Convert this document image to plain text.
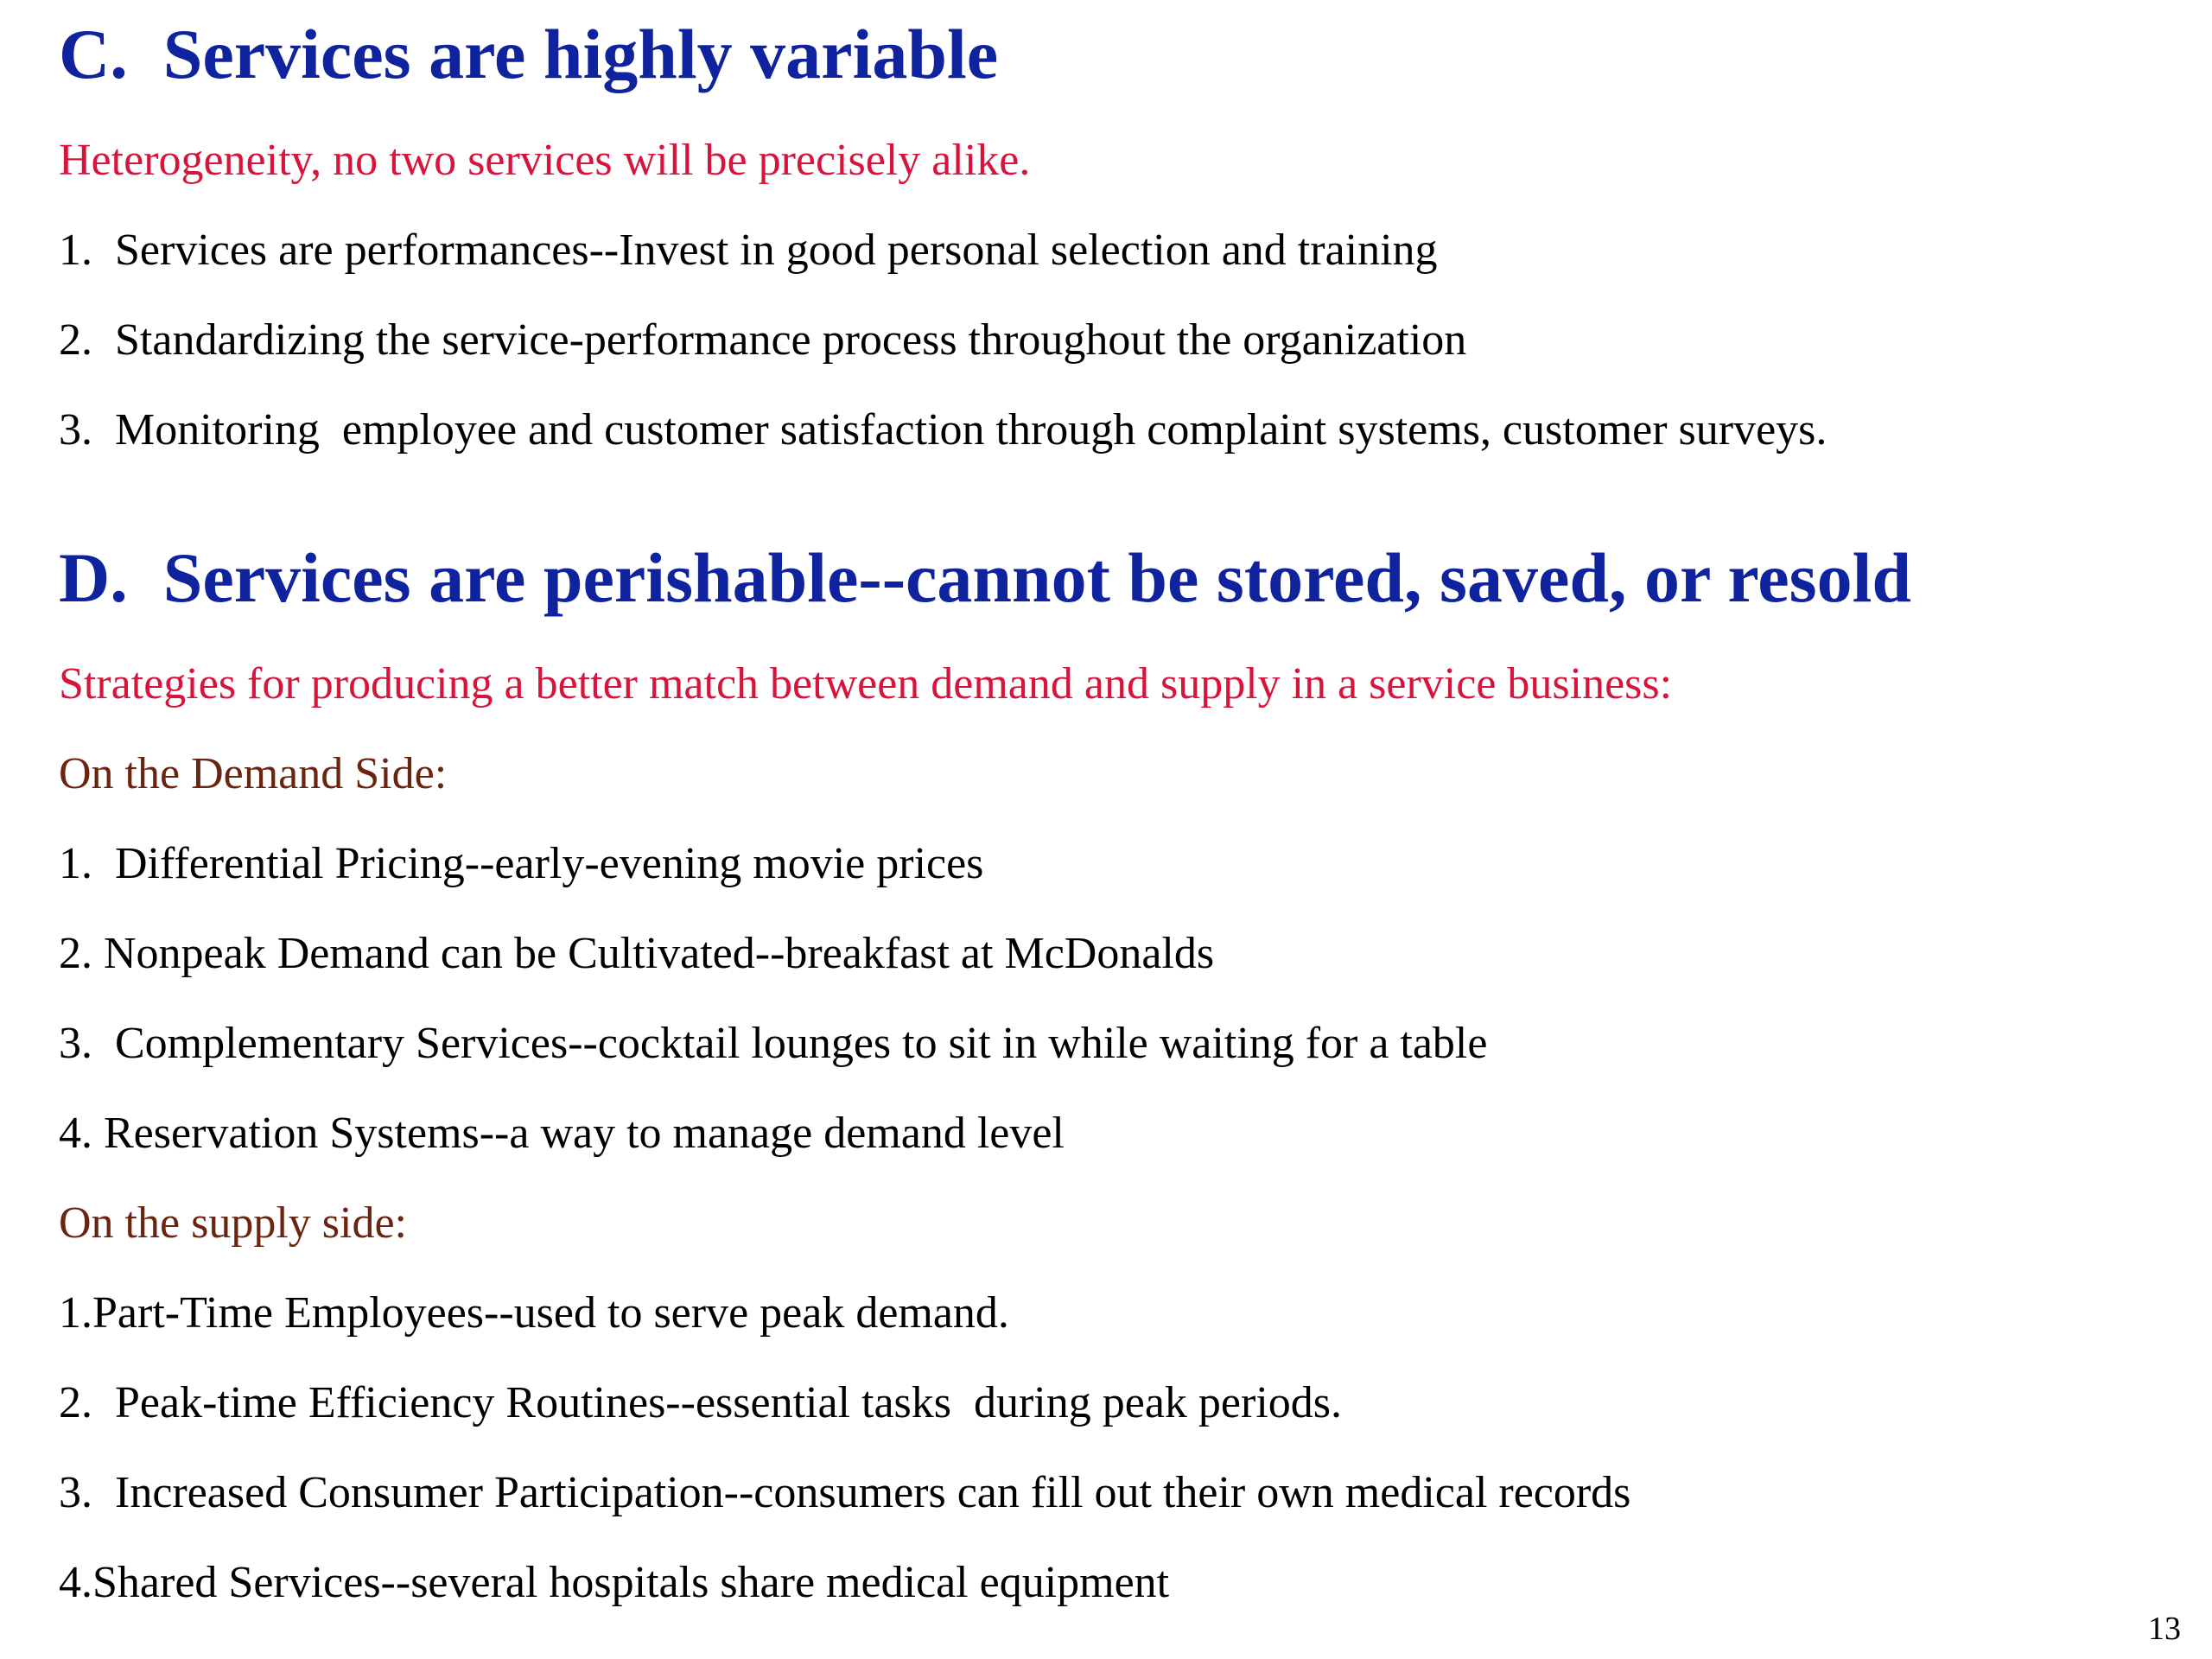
C.  Services are highly variable
Heterogeneity, no two services will be precisely alike.
1.  Services are performances--Invest in good personal selection and training
2.  Standardizing the service-performance process throughout the organization
3.  Monitoring  employee and customer satisfaction through complaint systems, customer surveys.
D.  Services are perishable--cannot be stored, saved, or resold
Strategies for producing a better match between demand and supply in a service business:
On the Demand Side:
1.  Differential Pricing--early-evening movie prices
2. Nonpeak Demand can be Cultivated--breakfast at McDonalds
3.  Complementary Services--cocktail lounges to sit in while waiting for a table
4. Reservation Systems--a way to manage demand level
On the supply side:
1.Part-Time Employees--used to serve peak demand.
2.  Peak-time Efficiency Routines--essential tasks  during peak periods.
3.  Increased Consumer Participation--consumers can fill out their own medical records
4.Shared Services--several hospitals share medical equipment
13
